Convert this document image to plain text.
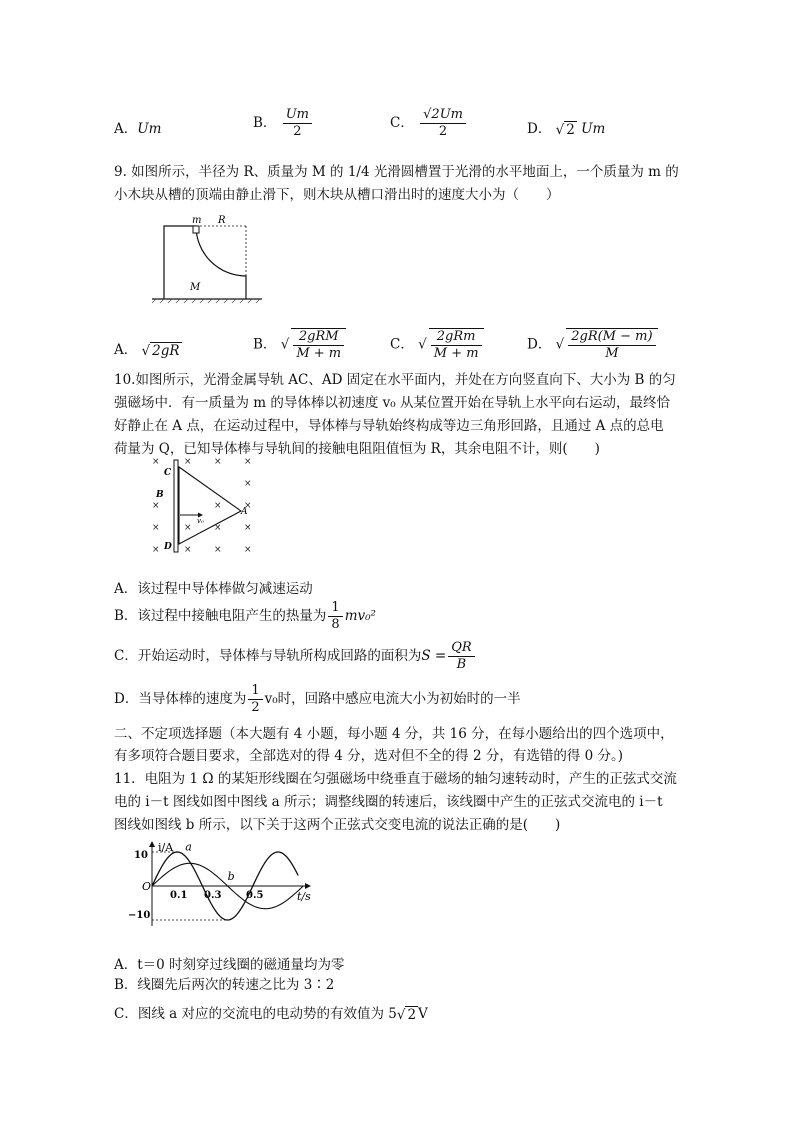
A．Um	B． $\frac{Um}{2}$	C． $\frac{√2Um}{2}$	D． √ 2 Um
9. 如图所示，半径为 R、质量为 M 的 1/4 光滑圆槽置于光滑的水平地面上，一个质量为 m 的
小木块从槽的顶端由静止滑下，则木块从槽口滑出时的速度大小为（　　）
m R
M
A． √ 2gR	B． √ $\frac{\text{2gRM}}{M + m}$	C． √ $\frac{\text{2gRm}}{M + m}$	D． √ $\frac{2gR(M - m)}{M}$
10.如图所示，光滑金属导轨 AC、AD 固定在水平面内，并处在方向竖直向下、大小为 B 的匀
强磁场中．有一质量为 m 的导体棒以初速度 v₀ 从某位置开始在导轨上水平向右运动，最终恰
好静止在 A 点，在运动过程中，导体棒与导轨始终构成等边三角形回路，且通过 A 点的总电
荷量为 Q，已知导体棒与导轨间的接触电阻阻值恒为 R，其余电阻不计，则(　　)
×	× × ×
×
×
×	× × ×
×	× × ×
× ×
C
B
D
A
v₀
A．该过程中导体棒做匀减速运动
B．该过程中接触电阻产生的热量为 $\frac{1}{8} mv_0^2$
C．开始运动时，导体棒与导轨所构成回路的面积为$S = \frac{QR}{B}$
D．当导体棒的速度为 $\frac{1}{2} v_0$时，回路中感应电流大小为初始时的一半
二、不定项选择题（本大题有 4 小题，每小题 4 分，共 16 分，在每小题给出的四个选项中，
有多项符合题目要求，全部选对的得 4 分，选对但不全的得 2 分，有选错的得 0 分。)
11．电阻为 1 Ω 的某矩形线圈在匀强磁场中绕垂直于磁场的轴匀速转动时，产生的正弦式交流
电的 i－t 图线如图中图线 a 所示；调整线圈的转速后，该线圈中产生的正弦式交流电的 i－t
图线如图线 b 所示，以下关于这两个正弦式交变电流的说法正确的是(　　)
i/A
t/s
O
10
−10
0.1 0.3 0.5
a
b
A．t＝0 时刻穿过线圈的磁通量均为零
B．线圈先后两次的转速之比为 3∶2
C．图线 a 对应的交流电的电动势的有效值为 5√ 2 V
